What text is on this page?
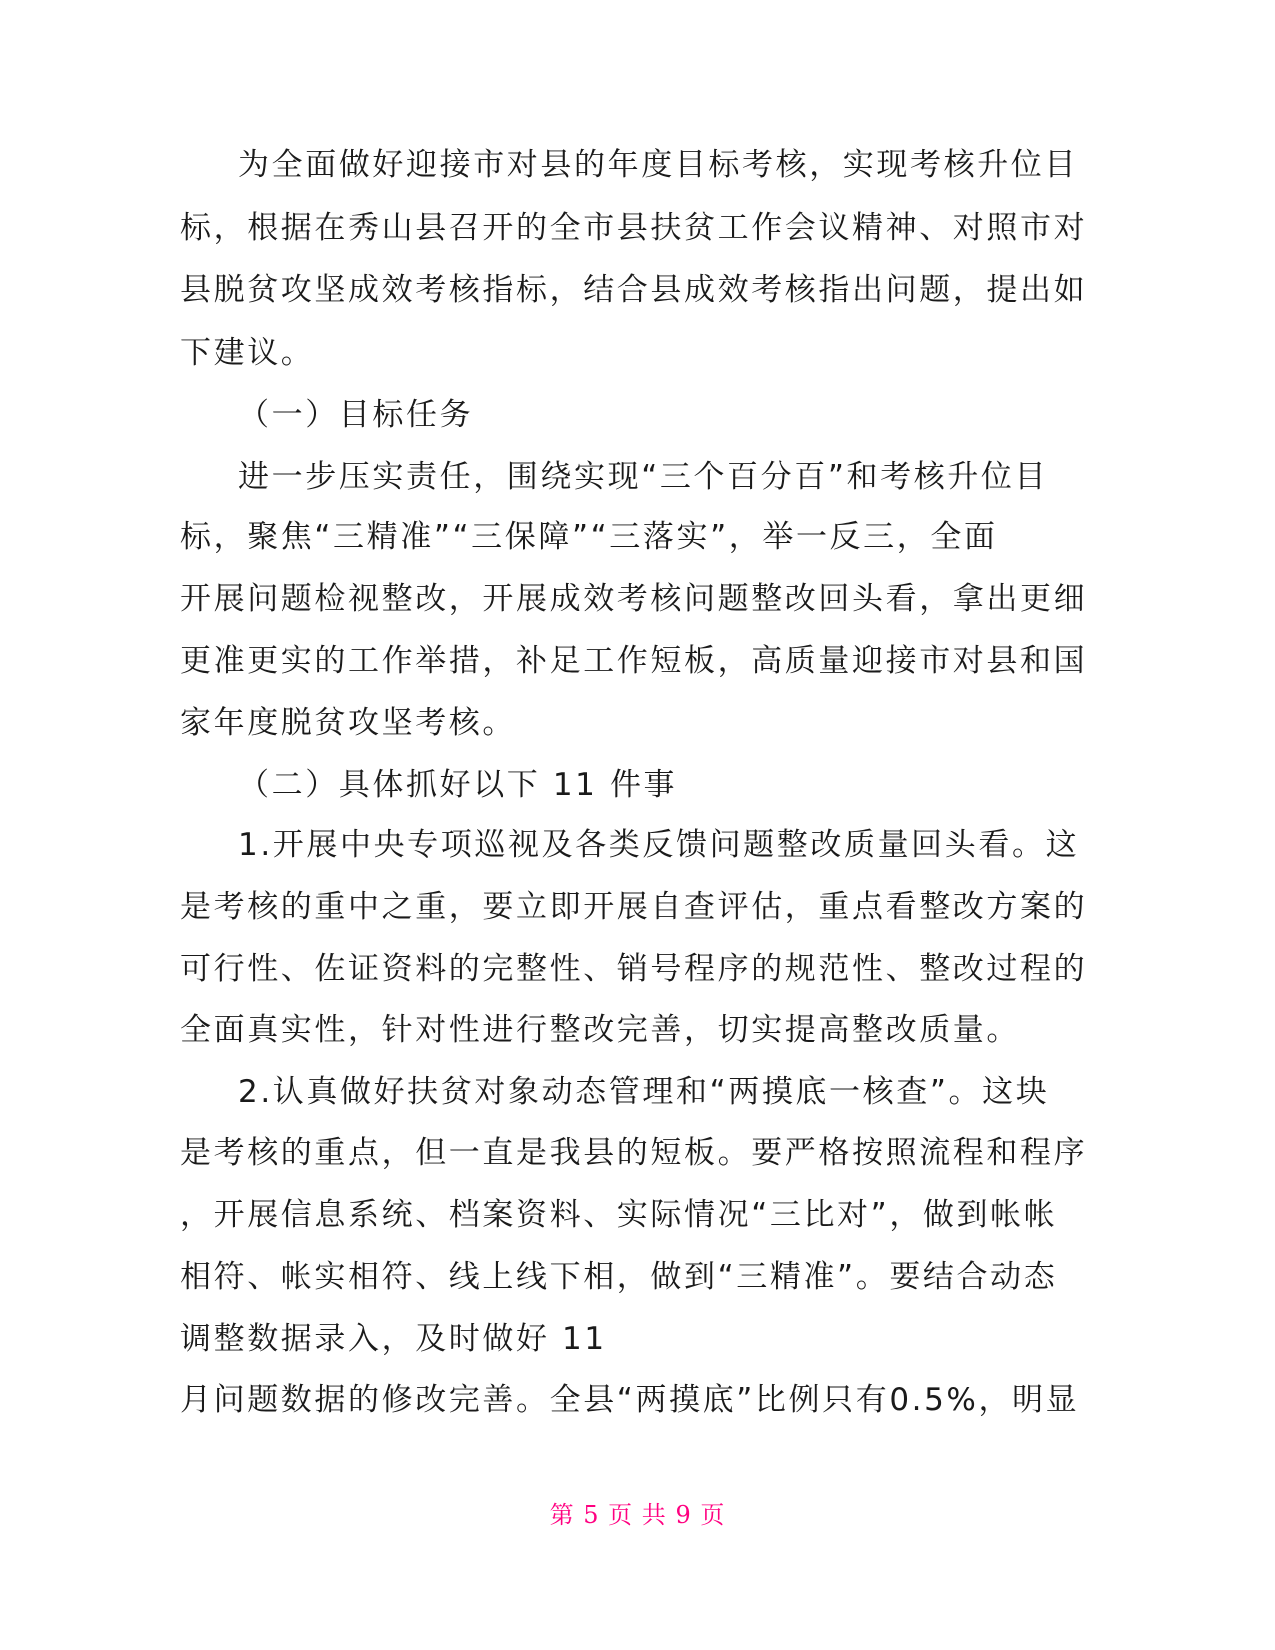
为全面做好迎接市对县的年度目标考核，实现考核升位目
标，根据在秀山县召开的全市县扶贫工作会议精神、对照市对
县脱贫攻坚成效考核指标，结合县成效考核指出问题，提出如
下建议。
（一）目标任务
进一步压实责任，围绕实现“三个百分百”和考核升位目
标，聚焦“三精准”“三保障”“三落实”，举一反三，全面
开展问题检视整改，开展成效考核问题整改回头看，拿出更细
更准更实的工作举措，补足工作短板，高质量迎接市对县和国
家年度脱贫攻坚考核。
（二）具体抓好以下 11 件事
1.开展中央专项巡视及各类反馈问题整改质量回头看。这
是考核的重中之重，要立即开展自查评估，重点看整改方案的
可行性、佐证资料的完整性、销号程序的规范性、整改过程的
全面真实性，针对性进行整改完善，切实提高整改质量。
2.认真做好扶贫对象动态管理和“两摸底一核查”。这块
是考核的重点，但一直是我县的短板。要严格按照流程和程序
，开展信息系统、档案资料、实际情况“三比对”，做到帐帐
相符、帐实相符、线上线下相，做到“三精准”。要结合动态
调整数据录入，及时做好 11
月问题数据的修改完善。全县“两摸底”比例只有0.5%，明显
第 5 页 共 9 页
